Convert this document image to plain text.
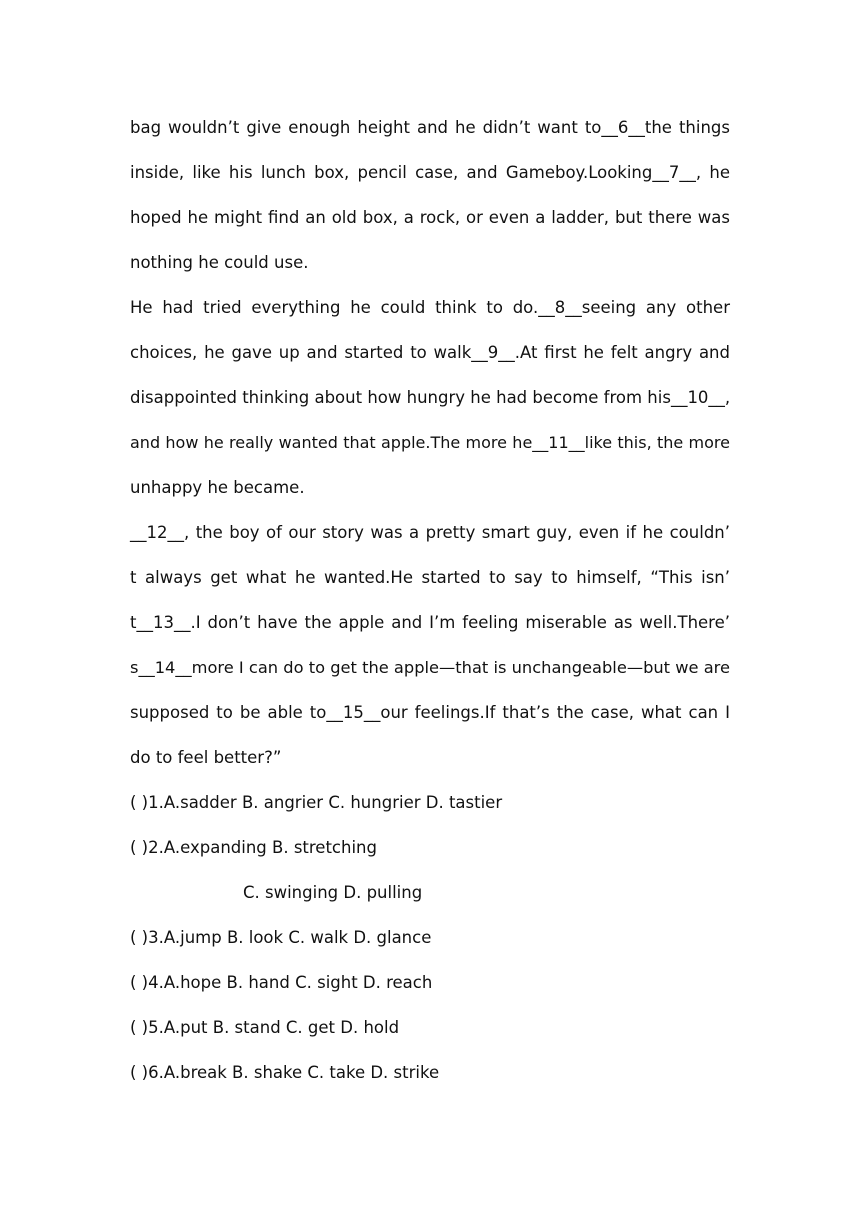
bag wouldn’t give enough height and he didn’t want to__6__the things
inside, like his lunch box, pencil case, and Gameboy.Looking__7__, he
hoped he might find an old box, a rock, or even a ladder, but there was
nothing he could use.
He had tried everything he could think to do.__8__seeing any other
choices, he gave up and started to walk__9__.At first he felt angry and
disappointed thinking about how hungry he had become from his__10__,
and how he really wanted that apple.The more he__11__like this, the more
unhappy he became.
__12__, the boy of our story was a pretty smart guy, even if he couldn’
t always get what he wanted.He started to say to himself, “This isn’
t__13__.I don’t have the apple and I’m feeling miserable as well.There’
s__14__more I can do to get the apple—that is unchangeable—but we are
supposed to be able to__15__our feelings.If that’s the case, what can I
do to feel better?”
( )1.A.sadder B. angrier C. hungrier D. tastier
( )2.A.expanding B. stretching
C. swinging D. pulling
( )3.A.jump B. look C. walk D. glance
( )4.A.hope B. hand C. sight D. reach
( )5.A.put B. stand C. get D. hold
( )6.A.break B. shake C. take D. strike
